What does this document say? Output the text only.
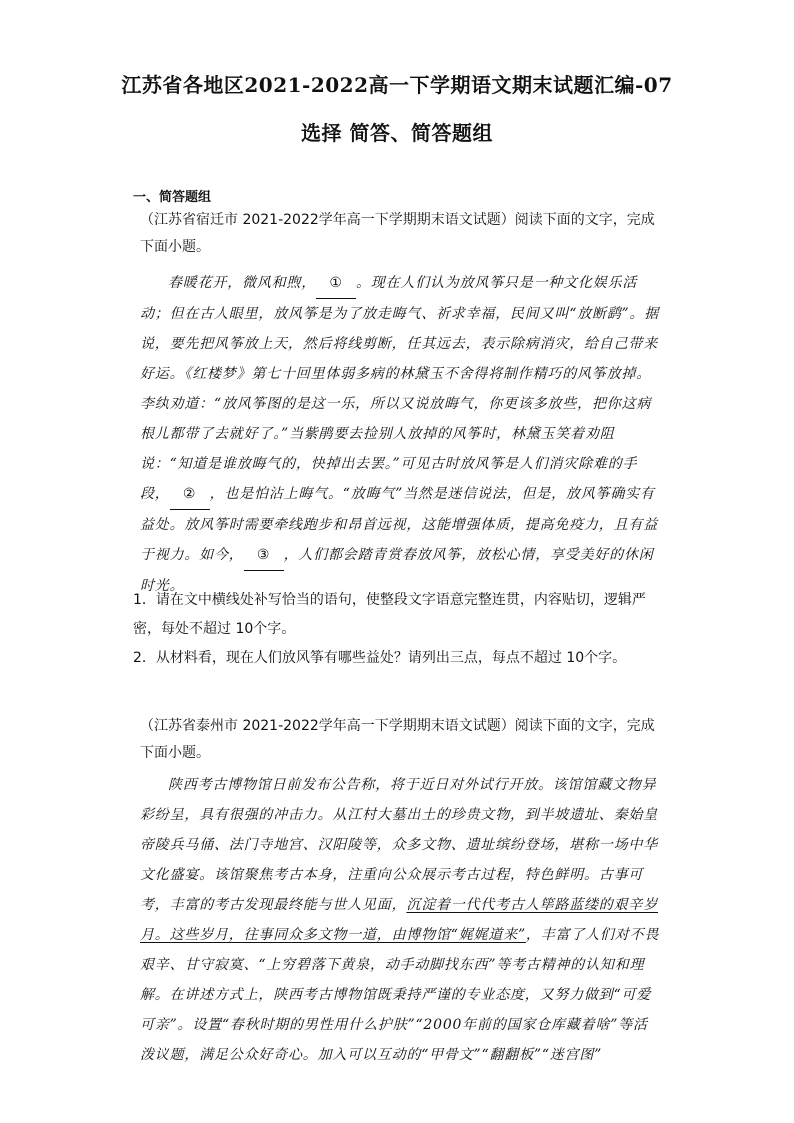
江苏省各地区2021-2022高一下学期语文期末试题汇编-07
选择 简答、简答题组
一、简答题组
（江苏省宿迁市 2021-2022学年高一下学期期末语文试题）阅读下面的文字，完成下面小题。
春暖花开，微风和煦， ① 。现在人们认为放风筝只是一种文化娱乐活动；但在古人眼里，放风筝是为了放走晦气、祈求幸福，民间又叫“放断鹞”。据说，要先把风筝放上天，然后将线剪断，任其远去，表示除病消灾，给自己带来好运。《红楼梦》第七十回里体弱多病的林黛玉不舍得将制作精巧的风筝放掉。李纨劝道：“放风筝图的是这一乐，所以又说放晦气，你更该多放些，把你这病根儿都带了去就好了。”当紫鹃要去捡别人放掉的风筝时，林黛玉笑着劝阻说：“知道是谁放晦气的，快掉出去罢。”可见古时放风筝是人们消灾除难的手段， ② ，也是怕沾上晦气。“放晦气”当然是迷信说法，但是，放风筝确实有益处。放风筝时需要牵线跑步和昂首远视，这能增强体质，提高免疫力，且有益于视力。如今， ③ ，人们都会踏青赏春放风筝，放松心情，享受美好的休闲时光。
1．请在文中横线处补写恰当的语句，使整段文字语意完整连贯，内容贴切，逻辑严密，每处不超过 10个字。
2．从材料看，现在人们放风筝有哪些益处？请列出三点，每点不超过 10个字。
（江苏省泰州市 2021-2022学年高一下学期期末语文试题）阅读下面的文字，完成下面小题。
陕西考古博物馆日前发布公告称，将于近日对外试行开放。该馆馆藏文物异彩纷呈，具有很强的冲击力。从江村大墓出土的珍贵文物，到半坡遗址、秦始皇帝陵兵马俑、法门寺地宫、汉阳陵等，众多文物、遗址缤纷登场，堪称一场中华文化盛宴。该馆聚焦考古本身，注重向公众展示考古过程，特色鲜明。古事可考，丰富的考古发现最终能与世人见面，沉淀着一代代考古人筚路蓝缕的艰辛岁月。这些岁月，往事同众多文物一道，由博物馆“娓娓道来”，丰富了人们对不畏艰辛、甘守寂寞、“上穷碧落下黄泉，动手动脚找东西”等考古精神的认知和理解。在讲述方式上，陕西考古博物馆既秉持严谨的专业态度，又努力做到“可爱可亲”。设置“春秋时期的男性用什么护肤”“2000年前的国家仓库藏着啥”等活泼议题，满足公众好奇心。加入可以互动的“甲骨文”“翻翻板”“迷宫图”
